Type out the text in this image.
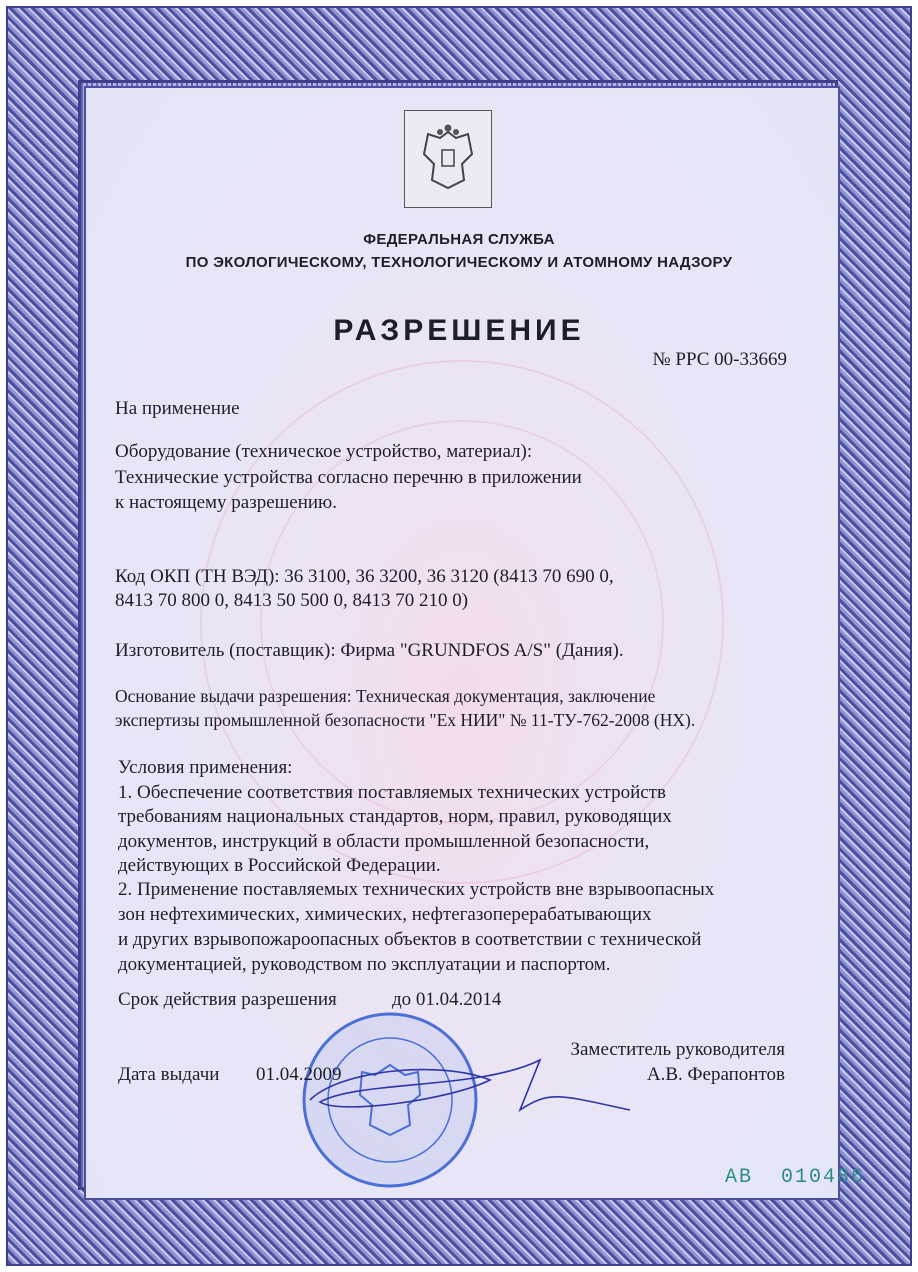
ФЕДЕРАЛЬНАЯ СЛУЖБА
ПО ЭКОЛОГИЧЕСКОМУ, ТЕХНОЛОГИЧЕСКОМУ И АТОМНОМУ НАДЗОРУ
РАЗРЕШЕНИЕ
№ РРС 00-33669
На применение
Оборудование (техническое устройство, материал):
Технические устройства согласно перечню в приложении
к настоящему разрешению.
Код ОКП (ТН ВЭД): 36 3100, 36 3200, 36 3120 (8413 70 690 0,
8413 70 800 0, 8413 50 500 0, 8413 70 210 0)
Изготовитель (поставщик): Фирма "GRUNDFOS A/S" (Дания).
Основание выдачи разрешения: Техническая документация, заключение
экспертизы промышленной безопасности "Ех НИИ" № 11-ТУ-762-2008 (НХ).
Условия применения:
1. Обеспечение соответствия поставляемых технических устройств
требованиям национальных стандартов, норм, правил, руководящих
документов, инструкций в области промышленной безопасности,
действующих в Российской Федерации.
2. Применение поставляемых технических устройств вне взрывоопасных
зон нефтехимических, химических, нефтегазоперерабатывающих
и других взрывопожароопасных объектов в соответствии с технической
документацией, руководством по эксплуатации и паспортом.
Срок действия разрешения	до 01.04.2014
Заместитель руководителя
Дата выдачи 01.04.2009	А.В. Ферапонтов
АВ 010486
